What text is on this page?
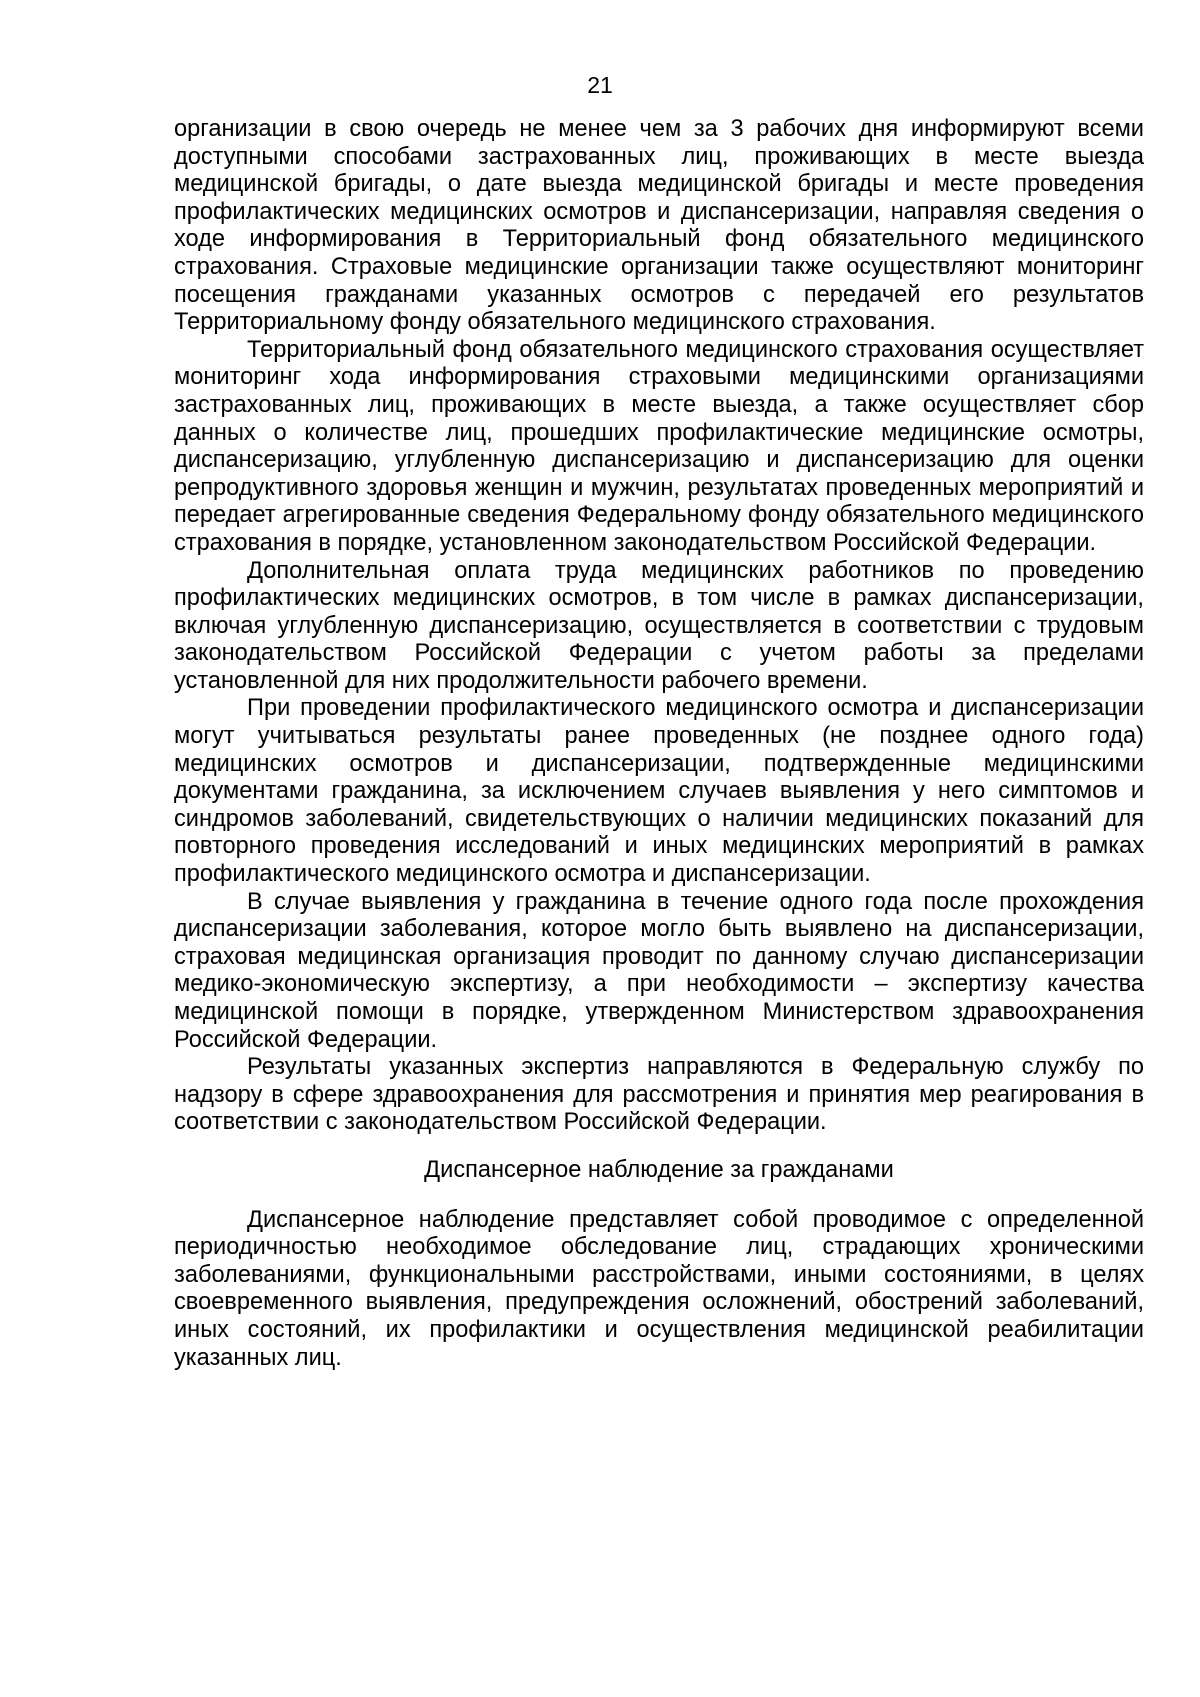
21

организации в свою очередь не менее чем за 3 рабочих дня информируют всеми доступными способами застрахованных лиц, проживающих в месте выезда медицинской бригады, о дате выезда медицинской бригады и месте проведения профилактических медицинских осмотров и диспансеризации, направляя сведения о ходе информирования в Территориальный фонд обязательного медицинского страхования. Страховые медицинские организации также осуществляют мониторинг посещения гражданами указанных осмотров с передачей его результатов Территориальному фонду обязательного медицинского страхования.

Территориальный фонд обязательного медицинского страхования осуществляет мониторинг хода информирования страховыми медицинскими организациями застрахованных лиц, проживающих в месте выезда, а также осуществляет сбор данных о количестве лиц, прошедших профилактические медицинские осмотры, диспансеризацию, углубленную диспансеризацию и диспансеризацию для оценки репродуктивного здоровья женщин и мужчин, результатах проведенных мероприятий и передает агрегированные сведения Федеральному фонду обязательного медицинского страхования в порядке, установленном законодательством Российской Федерации.

Дополнительная оплата труда медицинских работников по проведению профилактических медицинских осмотров, в том числе в рамках диспансеризации, включая углубленную диспансеризацию, осуществляется в соответствии с трудовым законодательством Российской Федерации с учетом работы за пределами установленной для них продолжительности рабочего времени.

При проведении профилактического медицинского осмотра и диспансеризации могут учитываться результаты ранее проведенных (не позднее одного года) медицинских осмотров и диспансеризации, подтвержденные медицинскими документами гражданина, за исключением случаев выявления у него симптомов и синдромов заболеваний, свидетельствующих о наличии медицинских показаний для повторного проведения исследований и иных медицинских мероприятий в рамках профилактического медицинского осмотра и диспансеризации.

В случае выявления у гражданина в течение одного года после прохождения диспансеризации заболевания, которое могло быть выявлено на диспансеризации, страховая медицинская организация проводит по данному случаю диспансеризации медико-экономическую экспертизу, а при необходимости – экспертизу качества медицинской помощи в порядке, утвержденном Министерством здравоохранения Российской Федерации.

Результаты указанных экспертиз направляются в Федеральную службу по надзору в сфере здравоохранения для рассмотрения и принятия мер реагирования в соответствии с законодательством Российской Федерации.

Диспансерное наблюдение за гражданами

Диспансерное наблюдение представляет собой проводимое с определенной периодичностью необходимое обследование лиц, страдающих хроническими заболеваниями, функциональными расстройствами, иными состояниями, в целях своевременного выявления, предупреждения осложнений, обострений заболеваний, иных состояний, их профилактики и осуществления медицинской реабилитации указанных лиц.
